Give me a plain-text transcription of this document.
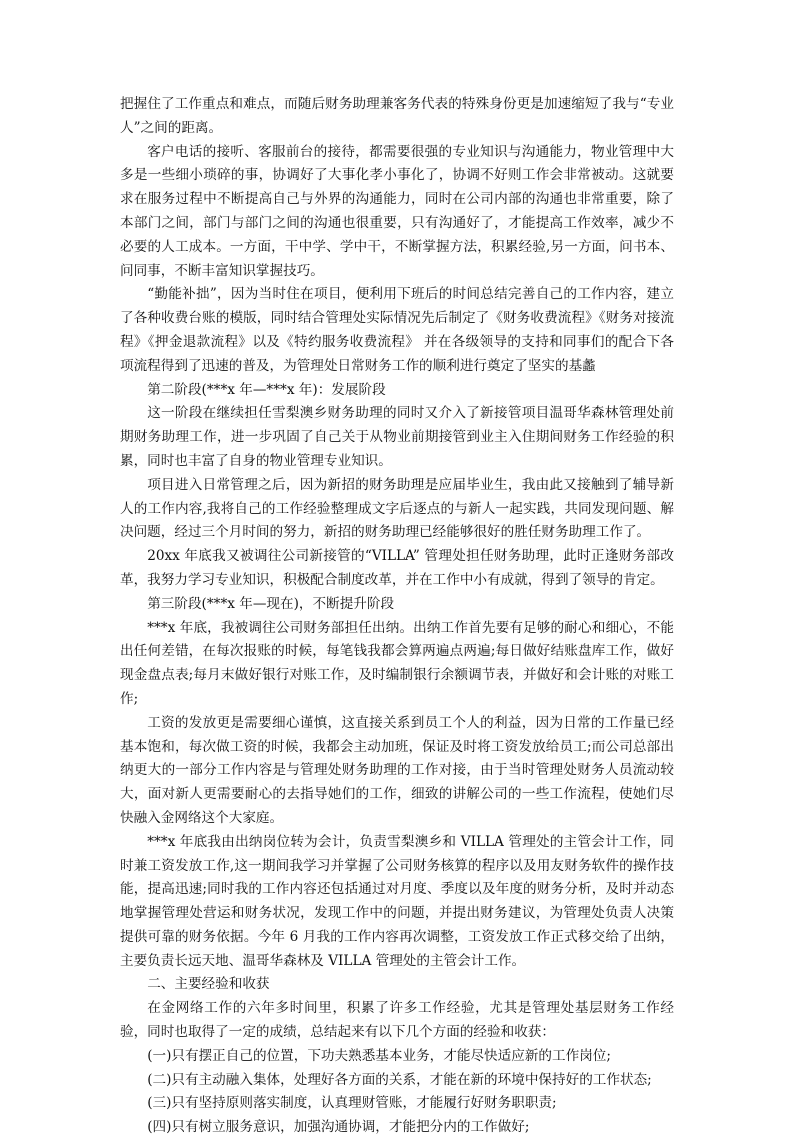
把握住了工作重点和难点，而随后财务助理兼客务代表的特殊身份更是加速缩短了我与“专业人”之间的距离。

客户电话的接听、客服前台的接待，都需要很强的专业知识与沟通能力，物业管理中大多是一些细小琐碎的事，协调好了大事化孝小事化了，协调不好则工作会非常被动。这就要求在服务过程中不断提高自己与外界的沟通能力，同时在公司内部的沟通也非常重要，除了本部门之间，部门与部门之间的沟通也很重要，只有沟通好了，才能提高工作效率，减少不必要的人工成本。一方面，干中学、学中干，不断掌握方法，积累经验,另一方面，问书本、问同事，不断丰富知识掌握技巧。

“勤能补拙”，因为当时住在项目，便利用下班后的时间总结完善自己的工作内容，建立了各种收费台账的模版，同时结合管理处实际情况先后制定了《财务收费流程》《财务对接流程》《押金退款流程》以及《特约服务收费流程》 并在各级领导的支持和同事们的配合下各项流程得到了迅速的普及，为管理处日常财务工作的顺利进行奠定了坚实的基蠡

第二阶段(***x 年—***x 年)：发展阶段

这一阶段在继续担任雪梨澳乡财务助理的同时又介入了新接管项目温哥华森林管理处前期财务助理工作，进一步巩固了自己关于从物业前期接管到业主入住期间财务工作经验的积累，同时也丰富了自身的物业管理专业知识。

项目进入日常管理之后，因为新招的财务助理是应届毕业生，我由此又接触到了辅导新人的工作内容,我将自己的工作经验整理成文字后逐点的与新人一起实践，共同发现问题、解决问题，经过三个月时间的努力，新招的财务助理已经能够很好的胜任财务助理工作了。

20xx 年底我又被调往公司新接管的“VILLA” 管理处担任财务助理，此时正逢财务部改革，我努力学习专业知识，积极配合制度改革，并在工作中小有成就，得到了领导的肯定。

第三阶段(***x 年—现在)，不断提升阶段

***x 年底，我被调往公司财务部担任出纳。出纳工作首先要有足够的耐心和细心，不能出任何差错，在每次报账的时候，每笔钱我都会算两遍点两遍;每日做好结账盘库工作，做好现金盘点表;每月末做好银行对账工作，及时编制银行余额调节表，并做好和会计账的对账工作;

工资的发放更是需要细心谨慎，这直接关系到员工个人的利益，因为日常的工作量已经基本饱和，每次做工资的时候，我都会主动加班，保证及时将工资发放给员工;而公司总部出纳更大的一部分工作内容是与管理处财务助理的工作对接，由于当时管理处财务人员流动较大，面对新人更需要耐心的去指导她们的工作，细致的讲解公司的一些工作流程，使她们尽快融入金网络这个大家庭。

***x 年底我由出纳岗位转为会计，负责雪梨澳乡和 VILLA 管理处的主管会计工作，同时兼工资发放工作,这一期间我学习并掌握了公司财务核算的程序以及用友财务软件的操作技能，提高迅速;同时我的工作内容还包括通过对月度、季度以及年度的财务分析，及时并动态地掌握管理处营运和财务状况，发现工作中的问题，并提出财务建议，为管理处负责人决策提供可靠的财务依据。今年 6 月我的工作内容再次调整，工资发放工作正式移交给了出纳，主要负责长远天地、温哥华森林及 VILLA 管理处的主管会计工作。

二、主要经验和收获

在金网络工作的六年多时间里，积累了许多工作经验，尤其是管理处基层财务工作经验，同时也取得了一定的成绩，总结起来有以下几个方面的经验和收获：

(一)只有摆正自己的位置，下功夫熟悉基本业务，才能尽快适应新的工作岗位;

(二)只有主动融入集体，处理好各方面的关系，才能在新的环境中保持好的工作状态;

(三)只有坚持原则落实制度，认真理财管账，才能履行好财务职职责;

(四)只有树立服务意识，加强沟通协调，才能把分内的工作做好;
